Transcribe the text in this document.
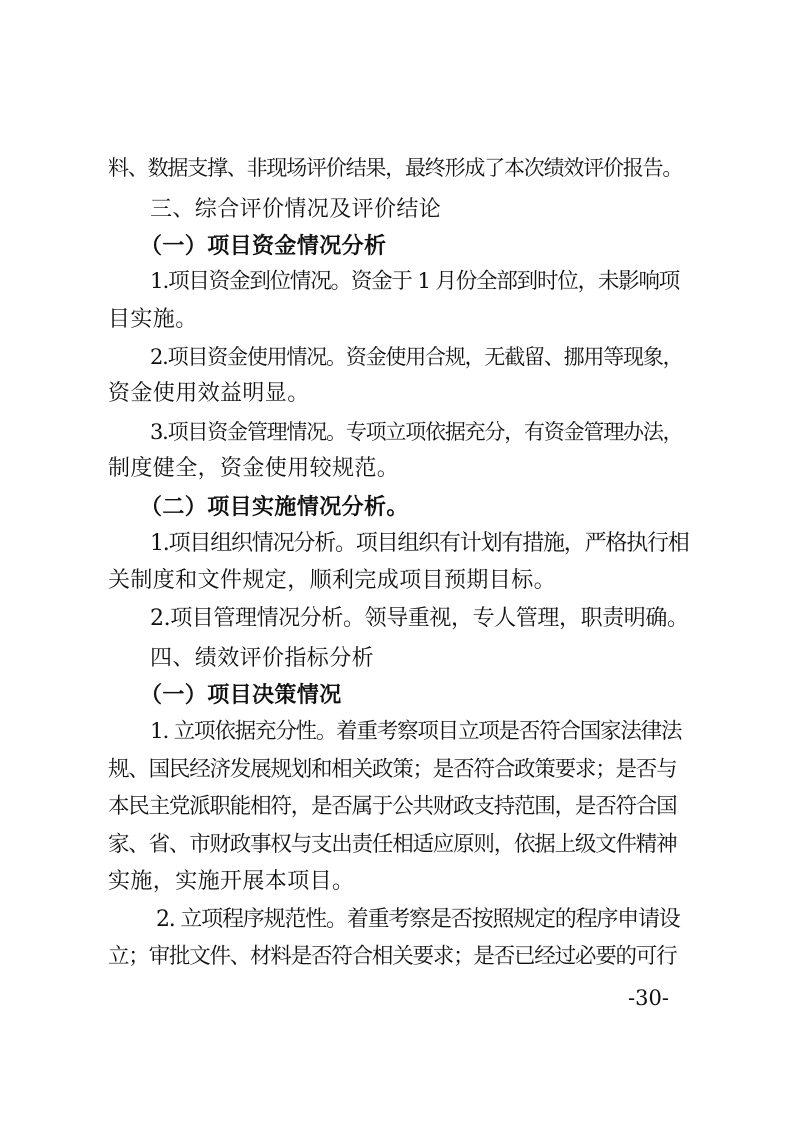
料、数据支撑、非现场评价结果，最终形成了本次绩效评价报告。
三、综合评价情况及评价结论
（一）项目资金情况分析
1.项目资金到位情况。资金于 1 月份全部到时位，未影响项
目实施。
2.项目资金使用情况。资金使用合规，无截留、挪用等现象，
资金使用效益明显。
3.项目资金管理情况。专项立项依据充分，有资金管理办法，
制度健全，资金使用较规范。
（二）项目实施情况分析。
1.项目组织情况分析。项目组织有计划有措施，严格执行相
关制度和文件规定，顺利完成项目预期目标。
2.项目管理情况分析。领导重视，专人管理，职责明确。
四、绩效评价指标分析
（一）项目决策情况
1. 立项依据充分性。着重考察项目立项是否符合国家法律法
规、国民经济发展规划和相关政策；是否符合政策要求；是否与
本民主党派职能相符，是否属于公共财政支持范围，是否符合国
家、省、市财政事权与支出责任相适应原则，依据上级文件精神
实施，实施开展本项目。
2. 立项程序规范性。着重考察是否按照规定的程序申请设
立；审批文件、材料是否符合相关要求；是否已经过必要的可行
-30-
